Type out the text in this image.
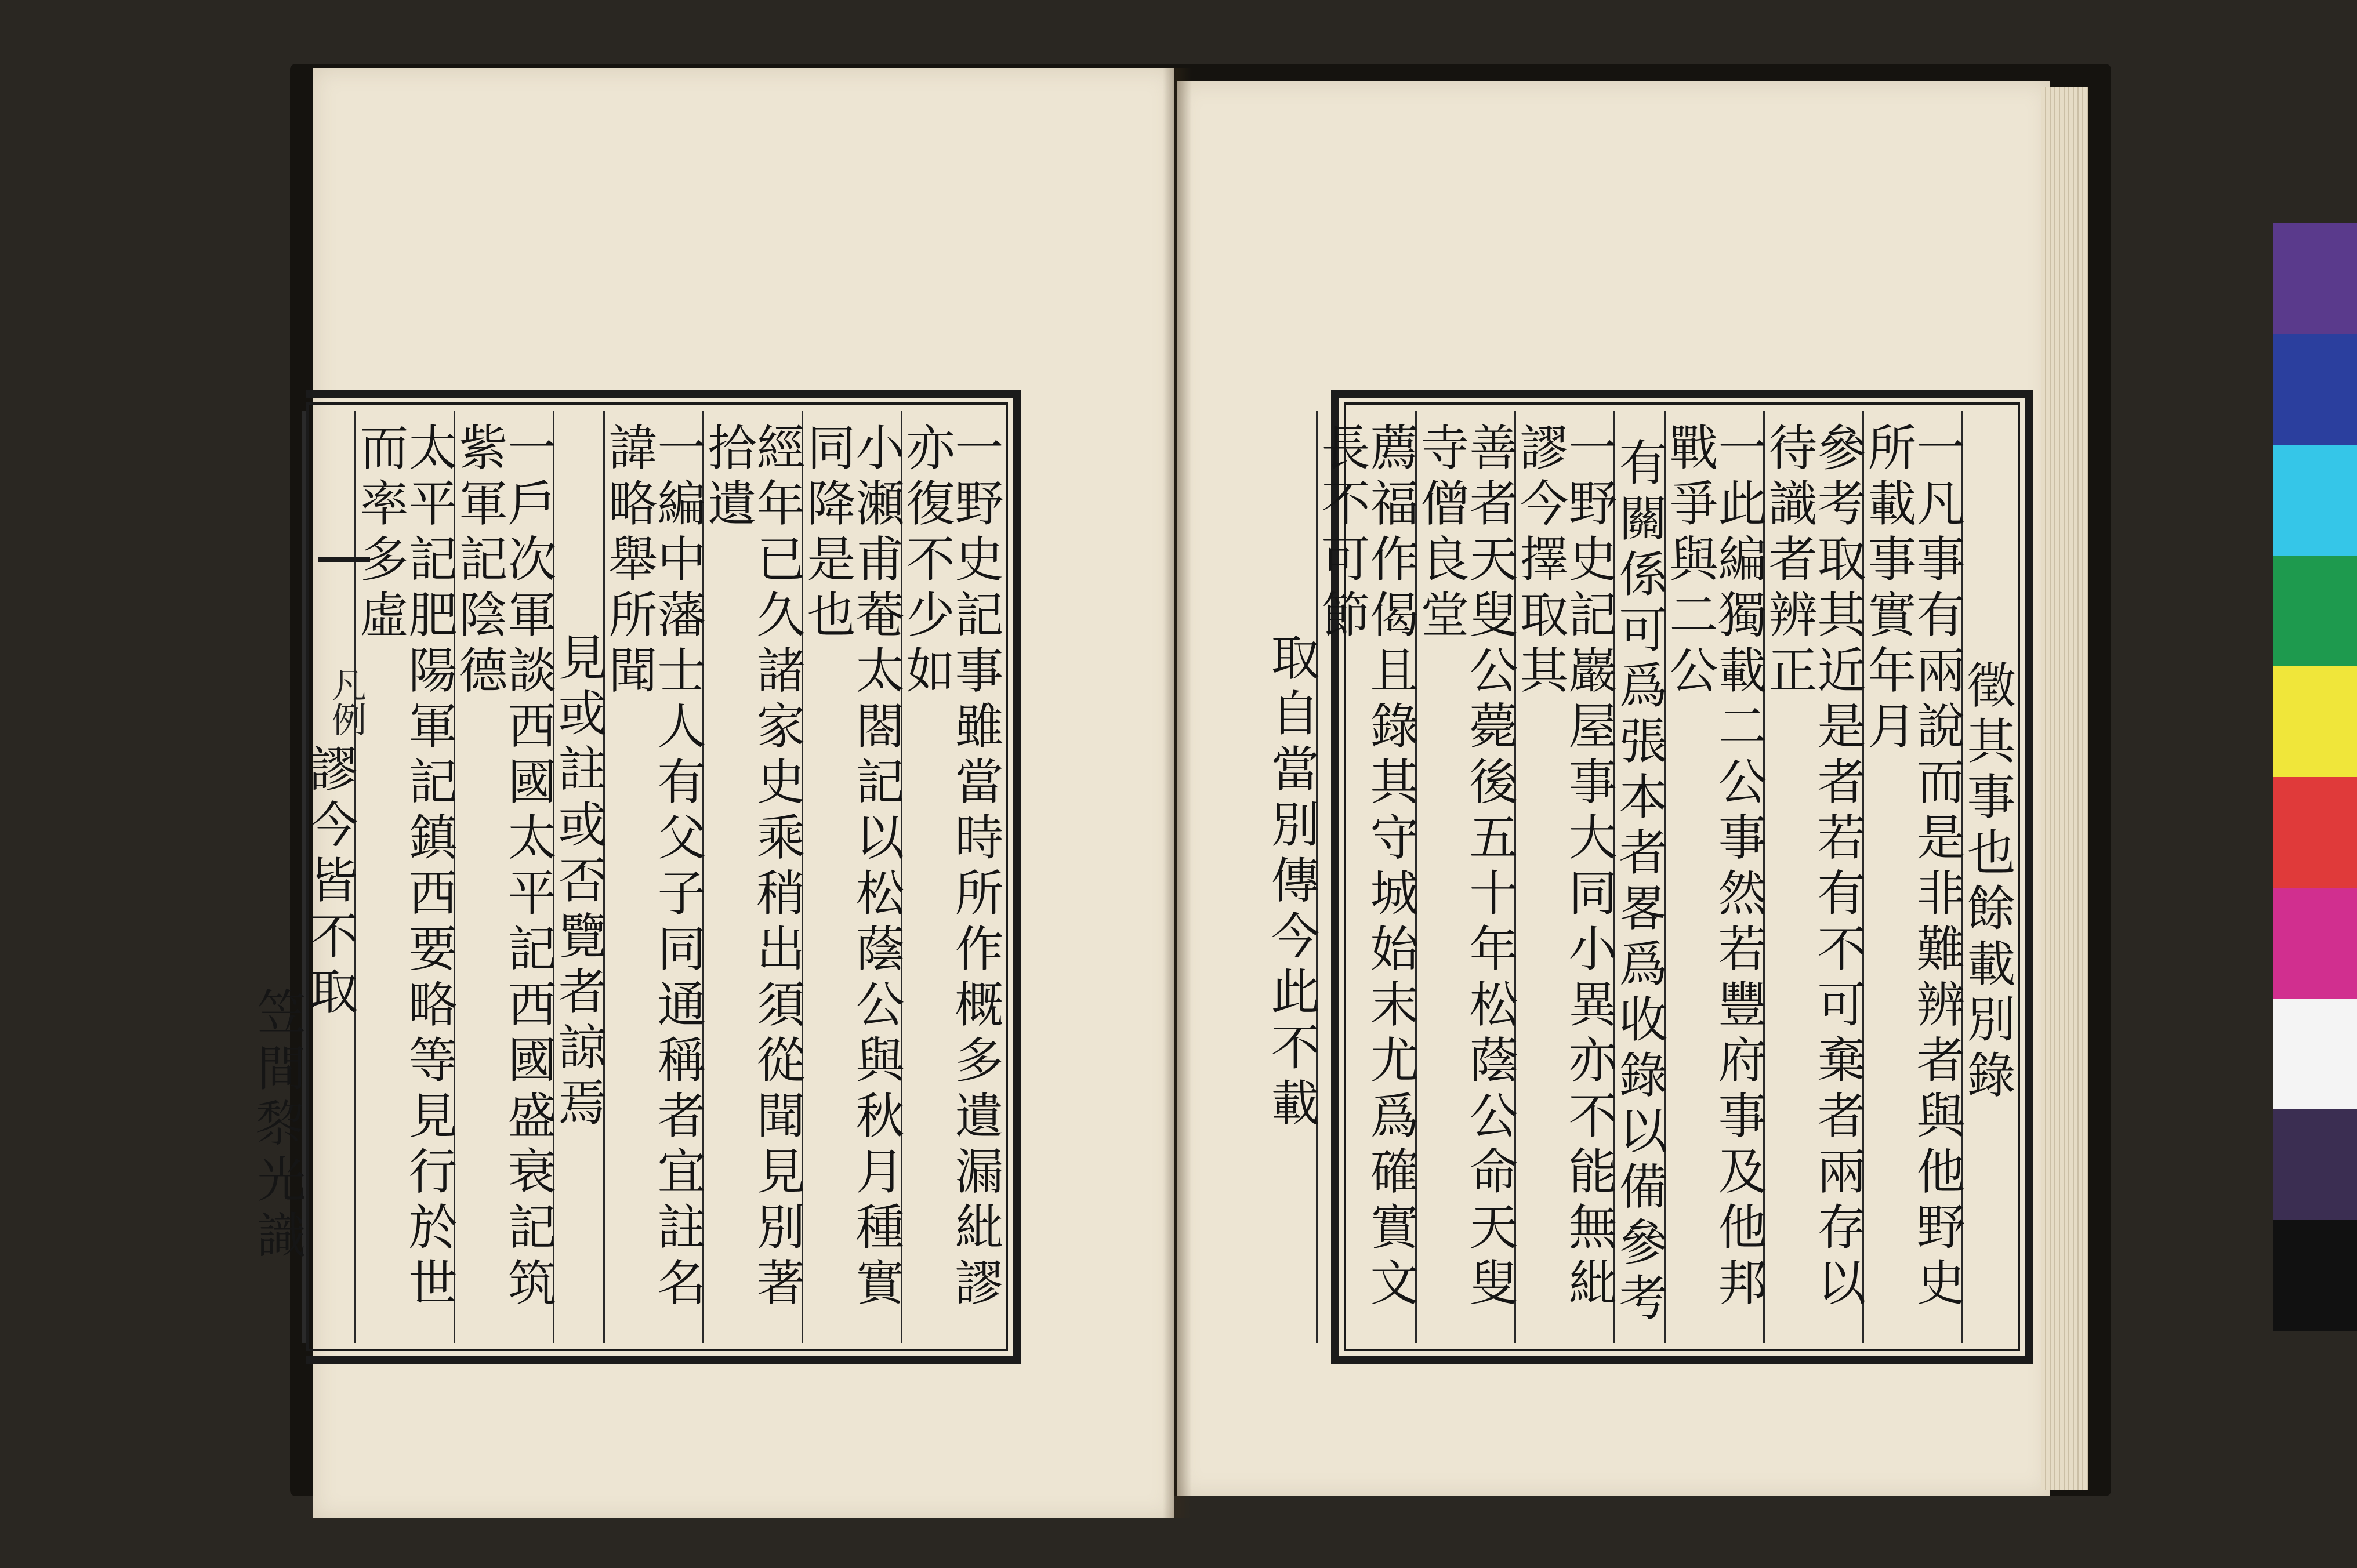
一野史記事雖當時所作概多遺漏紕謬亦復不少如
小瀬甫菴太閤記以松蔭公與秋月種實同降是也
經年已久諸家史乘稍出須從聞見別著拾遺
一編中藩士人有父子同通稱者宜註名諱略舉所聞
見或註或否覽者諒焉
一戶次軍談西國太平記西國盛衰記筑紫軍記陰德
太平記肥陽軍記鎮西要略等見行於世而率多虛
謬今皆不取
笠間𥟖光識
凡例	徵其事也餘載別錄
一凡事有兩說而是非難辨者與他野史所載事實年月
參考取其近是者若有不可棄者兩存以待識者辨正
一此編獨載二公事然若豐府事及他邦戰爭與二公
有關係可爲張本者畧爲收錄以備參考
一野史記巖屋事大同小異亦不能無紕謬今擇取其
善者天叟公薨後五十年松蔭公命天叟寺僧良堂
薦福作偈且錄其守城始末尤爲確實文長不可節
取自當別傳今此不載
